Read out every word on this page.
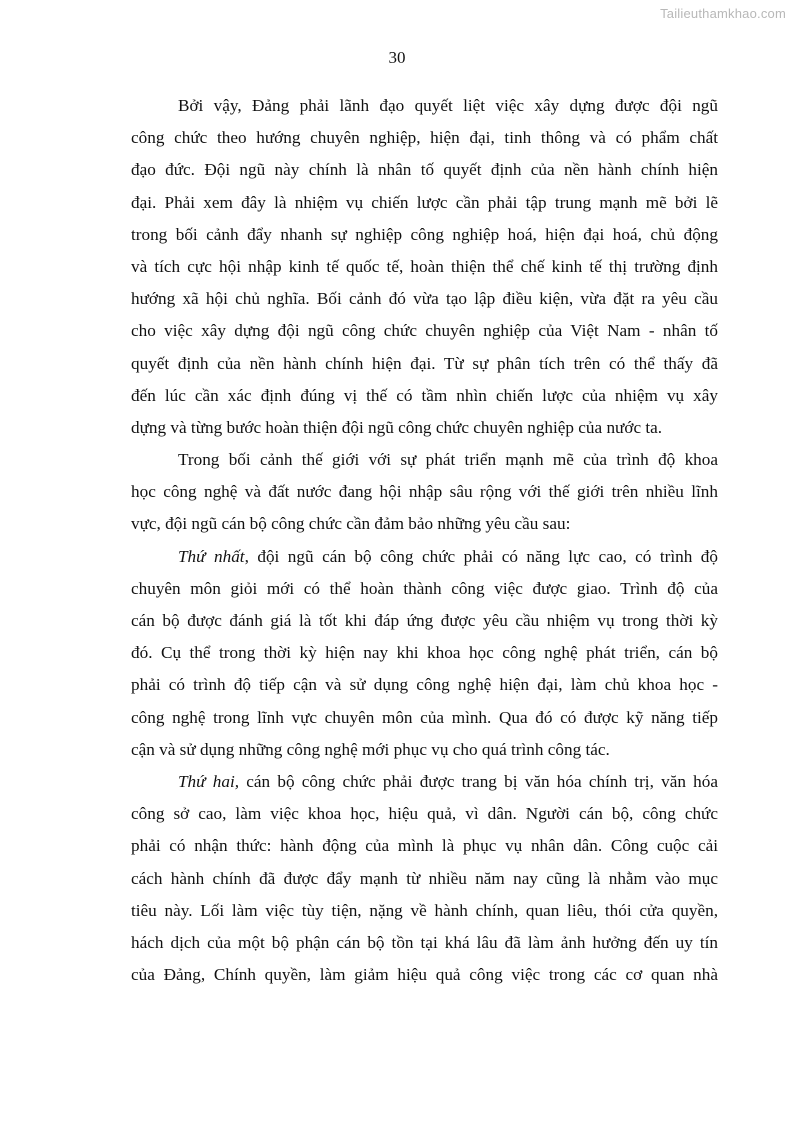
Tailieuthamkhao.com
30
Bởi vậy, Đảng phải lãnh đạo quyết liệt việc xây dựng được đội ngũ
công chức theo hướng chuyên nghiệp, hiện đại, tinh thông và có phẩm chất
đạo đức. Đội ngũ này chính là nhân tố quyết định của nền hành chính hiện
đại. Phải xem đây là nhiệm vụ chiến lược cần phải tập trung mạnh mẽ bởi lẽ
trong bối cảnh đẩy nhanh sự nghiệp công nghiệp hoá, hiện đại hoá, chủ động
và tích cực hội nhập kinh tế quốc tế, hoàn thiện thể chế kinh tế thị trường định
hướng xã hội chủ nghĩa. Bối cảnh đó vừa tạo lập điều kiện, vừa đặt ra yêu cầu
cho việc xây dựng đội ngũ công chức chuyên nghiệp của Việt Nam - nhân tố
quyết định của nền hành chính hiện đại. Từ sự phân tích trên có thể thấy đã
đến lúc cần xác định đúng vị thế có tầm nhìn chiến lược của nhiệm vụ xây
dựng và từng bước hoàn thiện đội ngũ công chức chuyên nghiệp của nước ta.
Trong bối cảnh thế giới với sự phát triển mạnh mẽ của trình độ khoa
học công nghệ và đất nước đang hội nhập sâu rộng với thế giới trên nhiều lĩnh
vực, đội ngũ cán bộ công chức cần đảm bảo những yêu cầu sau:
Thứ nhất, đội ngũ cán bộ công chức phải có năng lực cao, có trình độ
chuyên môn giỏi mới có thể hoàn thành công việc được giao. Trình độ của
cán bộ được đánh giá là tốt khi đáp ứng được yêu cầu nhiệm vụ trong thời kỳ
đó. Cụ thể trong thời kỳ hiện nay khi khoa học công nghệ phát triển, cán bộ
phải có trình độ tiếp cận và sử dụng công nghệ hiện đại, làm chủ khoa học -
công nghệ trong lĩnh vực chuyên môn của mình. Qua đó có được kỹ năng tiếp
cận và sử dụng những công nghệ mới phục vụ cho quá trình công tác.
Thứ hai, cán bộ công chức phải được trang bị văn hóa chính trị, văn hóa
công sở cao, làm việc khoa học, hiệu quả, vì dân. Người cán bộ, công chức
phải có nhận thức: hành động của mình là phục vụ nhân dân. Công cuộc cải
cách hành chính đã được đẩy mạnh từ nhiều năm nay cũng là nhằm vào mục
tiêu này. Lối làm việc tùy tiện, nặng về hành chính, quan liêu, thói cửa quyền,
hách dịch của một bộ phận cán bộ tồn tại khá lâu đã làm ảnh hưởng đến uy tín
của Đảng, Chính quyền, làm giảm hiệu quả công việc trong các cơ quan nhà
